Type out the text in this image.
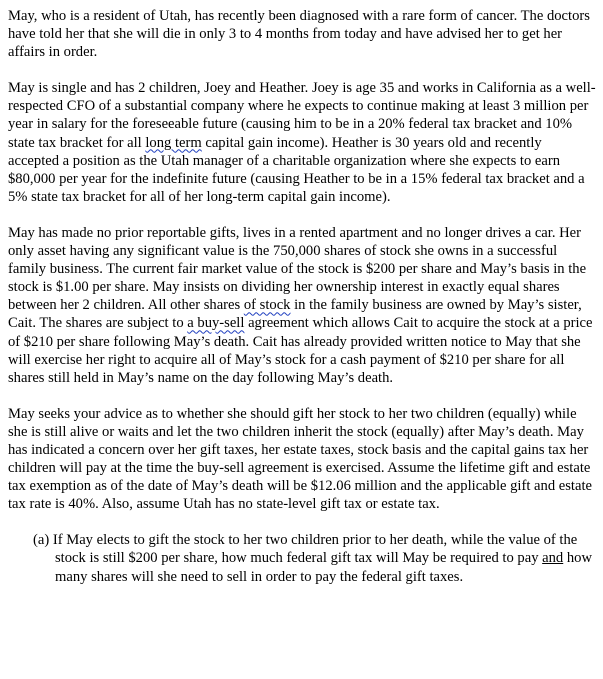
May, who is a resident of Utah, has recently been diagnosed with a rare form of cancer. The doctors have told her that she will die in only 3 to 4 months from today and have advised her to get her affairs in order.

May is single and has 2 children, Joey and Heather. Joey is age 35 and works in California as a well-respected CFO of a substantial company where he expects to continue making at least 3 million per year in salary for the foreseeable future (causing him to be in a 20% federal tax bracket and 10% state tax bracket for all long term capital gain income). Heather is 30 years old and recently accepted a position as the Utah manager of a charitable organization where she expects to earn $80,000 per year for the indefinite future (causing Heather to be in a 15% federal tax bracket and a 5% state tax bracket for all of her long-term capital gain income).

May has made no prior reportable gifts, lives in a rented apartment and no longer drives a car. Her only asset having any significant value is the 750,000 shares of stock she owns in a successful family business. The current fair market value of the stock is $200 per share and May’s basis in the stock is $1.00 per share. May insists on dividing her ownership interest in exactly equal shares between her 2 children. All other shares of stock in the family business are owned by May’s sister, Cait. The shares are subject to a buy-sell agreement which allows Cait to acquire the stock at a price of $210 per share following May’s death. Cait has already provided written notice to May that she will exercise her right to acquire all of May’s stock for a cash payment of $210 per share for all shares still held in May’s name on the day following May’s death.

May seeks your advice as to whether she should gift her stock to her two children (equally) while she is still alive or waits and let the two children inherit the stock (equally) after May’s death. May has indicated a concern over her gift taxes, her estate taxes, stock basis and the capital gains tax her children will pay at the time the buy-sell agreement is exercised. Assume the lifetime gift and estate tax exemption as of the date of May’s death will be $12.06 million and the applicable gift and estate tax rate is 40%. Also, assume Utah has no state-level gift tax or estate tax.

(a) If May elects to gift the stock to her two children prior to her death, while the value of the stock is still $200 per share, how much federal gift tax will May be required to pay and how many shares will she need to sell in order to pay the federal gift taxes.
